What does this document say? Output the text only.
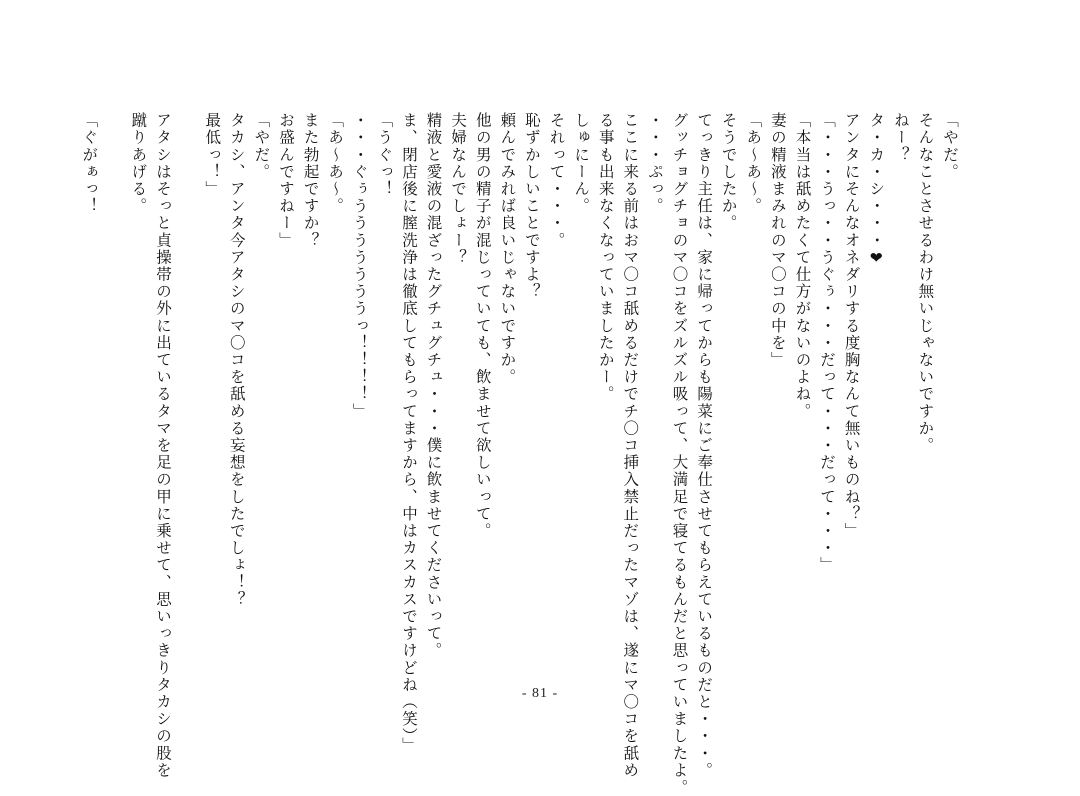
「やだ。
そんなことさせるわけ無いじゃないですか。
ねー？
タ・カ・シ・・・❤
アンタにそんなオネダリする度胸なんて無いものね？」
「・・・うっ・・うぐぅ・・・だって・・・だって・・・」
「本当は舐めたくて仕方がないのよね。
妻の精液まみれのマ〇コの中を」
「あ〜あ〜。
そうでしたか。
てっきり主任は、家に帰ってからも陽菜にご奉仕させてもらえているものだと・・・。
グッチョグチョのマ〇コをズルズル吸って、大満足で寝てるもんだと思っていましたよ。
・・・ぷっ。
ここに来る前はおマ〇コ舐めるだけでチ〇コ挿入禁止だったマゾは、遂にマ〇コを舐め
る事も出来なくなっていましたかー。
しゅにーん。
それって・・・。
恥ずかしいことですよ？
頼んでみれば良いじゃないですか。
他の男の精子が混じっていても、飲ませて欲しいって。
夫婦なんでしょー？
精液と愛液の混ざったグチュグチュ・・・僕に飲ませてくださいって。
ま、閉店後に膣洗浄は徹底してもらってますから、中はカスカスですけどね（笑）」
「うぐっ！
・・・ぐぅうううううううっ！！！！」
「あ〜あ〜。
また勃起ですか？
お盛んですねー」
「やだ。
タカシ、アンタ今アタシのマ〇コを舐める妄想をしたでしょ！？
最低っ！」

アタシはそっと貞操帯の外に出ているタマを足の甲に乗せて、思いっきりタカシの股を
蹴りあげる。

「ぐがぁっ！
- 81 -
